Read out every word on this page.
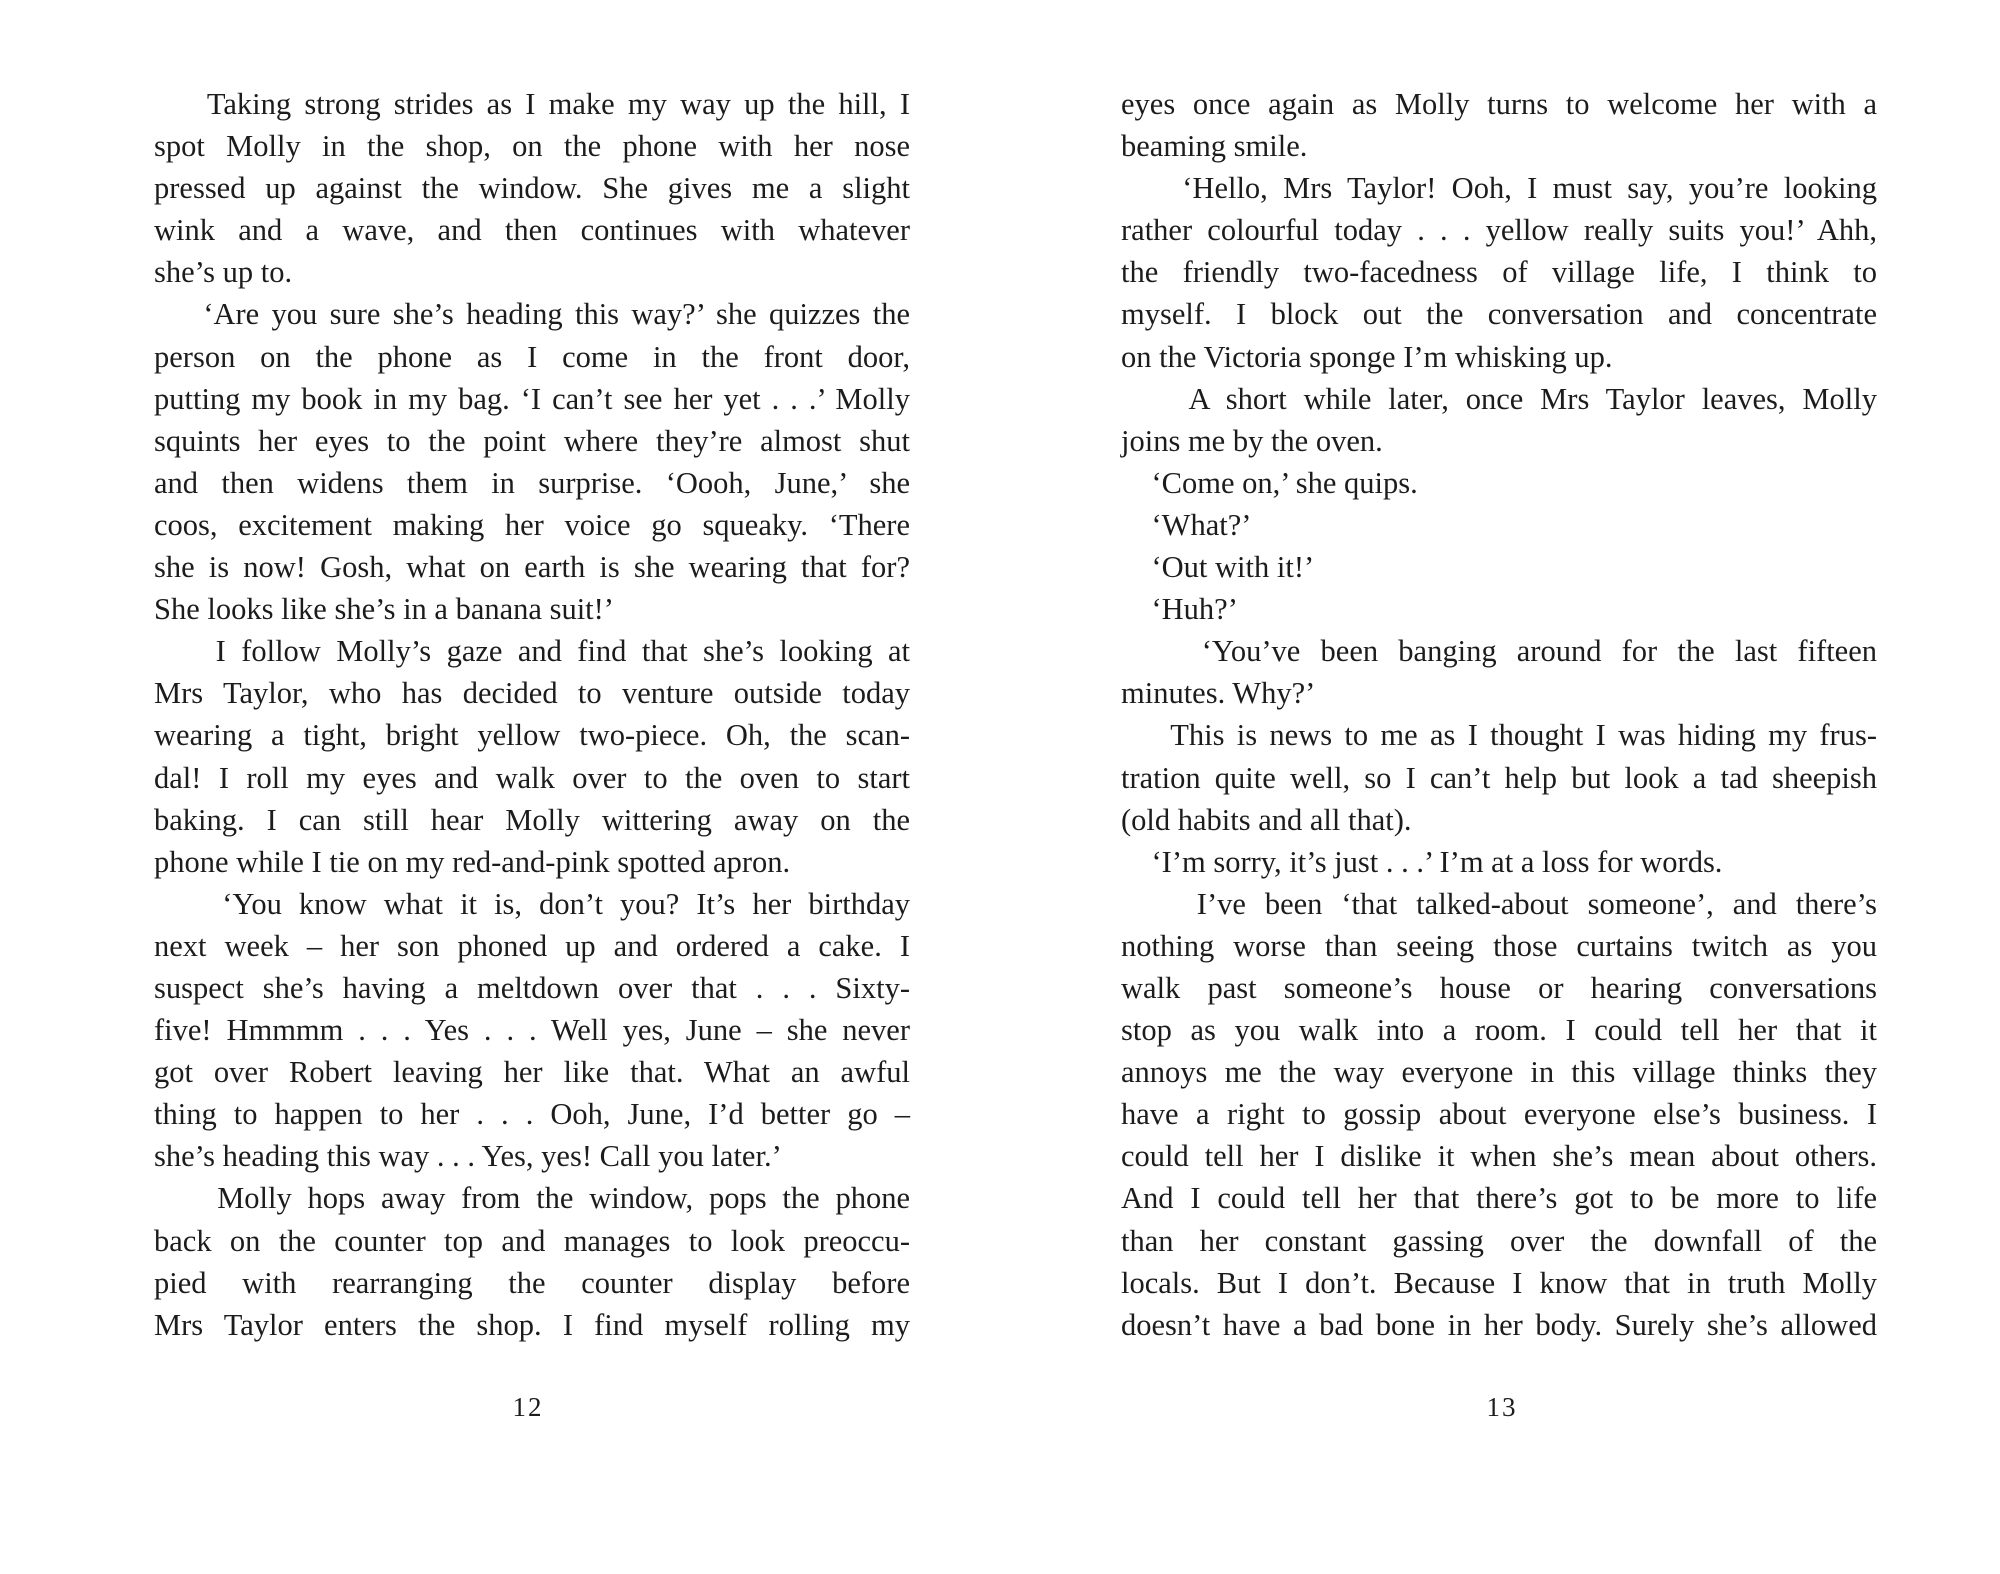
Taking strong strides as I make my way up the hill, I
spot Molly in the shop, on the phone with her nose
pressed up against the window. She gives me a slight
wink and a wave, and then continues with whatever
she’s up to.
‘Are you sure she’s heading this way?’ she quizzes the
person on the phone as I come in the front door,
putting my book in my bag. ‘I can’t see her yet . . .’ Molly
squints her eyes to the point where they’re almost shut
and then widens them in surprise. ‘Oooh, June,’ she
coos, excitement making her voice go squeaky. ‘There
she is now! Gosh, what on earth is she wearing that for?
She looks like she’s in a banana suit!’
I follow Molly’s gaze and find that she’s looking at
Mrs Taylor, who has decided to venture outside today
wearing a tight, bright yellow two-piece. Oh, the scan-
dal! I roll my eyes and walk over to the oven to start
baking. I can still hear Molly wittering away on the
phone while I tie on my red-and-pink spotted apron.
‘You know what it is, don’t you? It’s her birthday
next week – her son phoned up and ordered a cake. I
suspect she’s having a meltdown over that . . . Sixty-
five! Hmmmm . . . Yes . . . Well yes, June – she never
got over Robert leaving her like that. What an awful
thing to happen to her . . . Ooh, June, I’d better go –
she’s heading this way . . . Yes, yes! Call you later.’
Molly hops away from the window, pops the phone
back on the counter top and manages to look preoccu-
pied with rearranging the counter display before
Mrs Taylor enters the shop. I find myself rolling my
12
eyes once again as Molly turns to welcome her with a
beaming smile.
‘Hello, Mrs Taylor! Ooh, I must say, you’re looking
rather colourful today . . . yellow really suits you!’ Ahh,
the friendly two-facedness of village life, I think to
myself. I block out the conversation and concentrate
on the Victoria sponge I’m whisking up.
A short while later, once Mrs Taylor leaves, Molly
joins me by the oven.
‘Come on,’ she quips.
‘What?’
‘Out with it!’
‘Huh?’
‘You’ve been banging around for the last fifteen
minutes. Why?’
This is news to me as I thought I was hiding my frus-
tration quite well, so I can’t help but look a tad sheepish
(old habits and all that).
‘I’m sorry, it’s just . . .’ I’m at a loss for words.
I’ve been ‘that talked-about someone’, and there’s
nothing worse than seeing those curtains twitch as you
walk past someone’s house or hearing conversations
stop as you walk into a room. I could tell her that it
annoys me the way everyone in this village thinks they
have a right to gossip about everyone else’s business. I
could tell her I dislike it when she’s mean about others.
And I could tell her that there’s got to be more to life
than her constant gassing over the downfall of the
locals. But I don’t. Because I know that in truth Molly
doesn’t have a bad bone in her body. Surely she’s allowed
13
